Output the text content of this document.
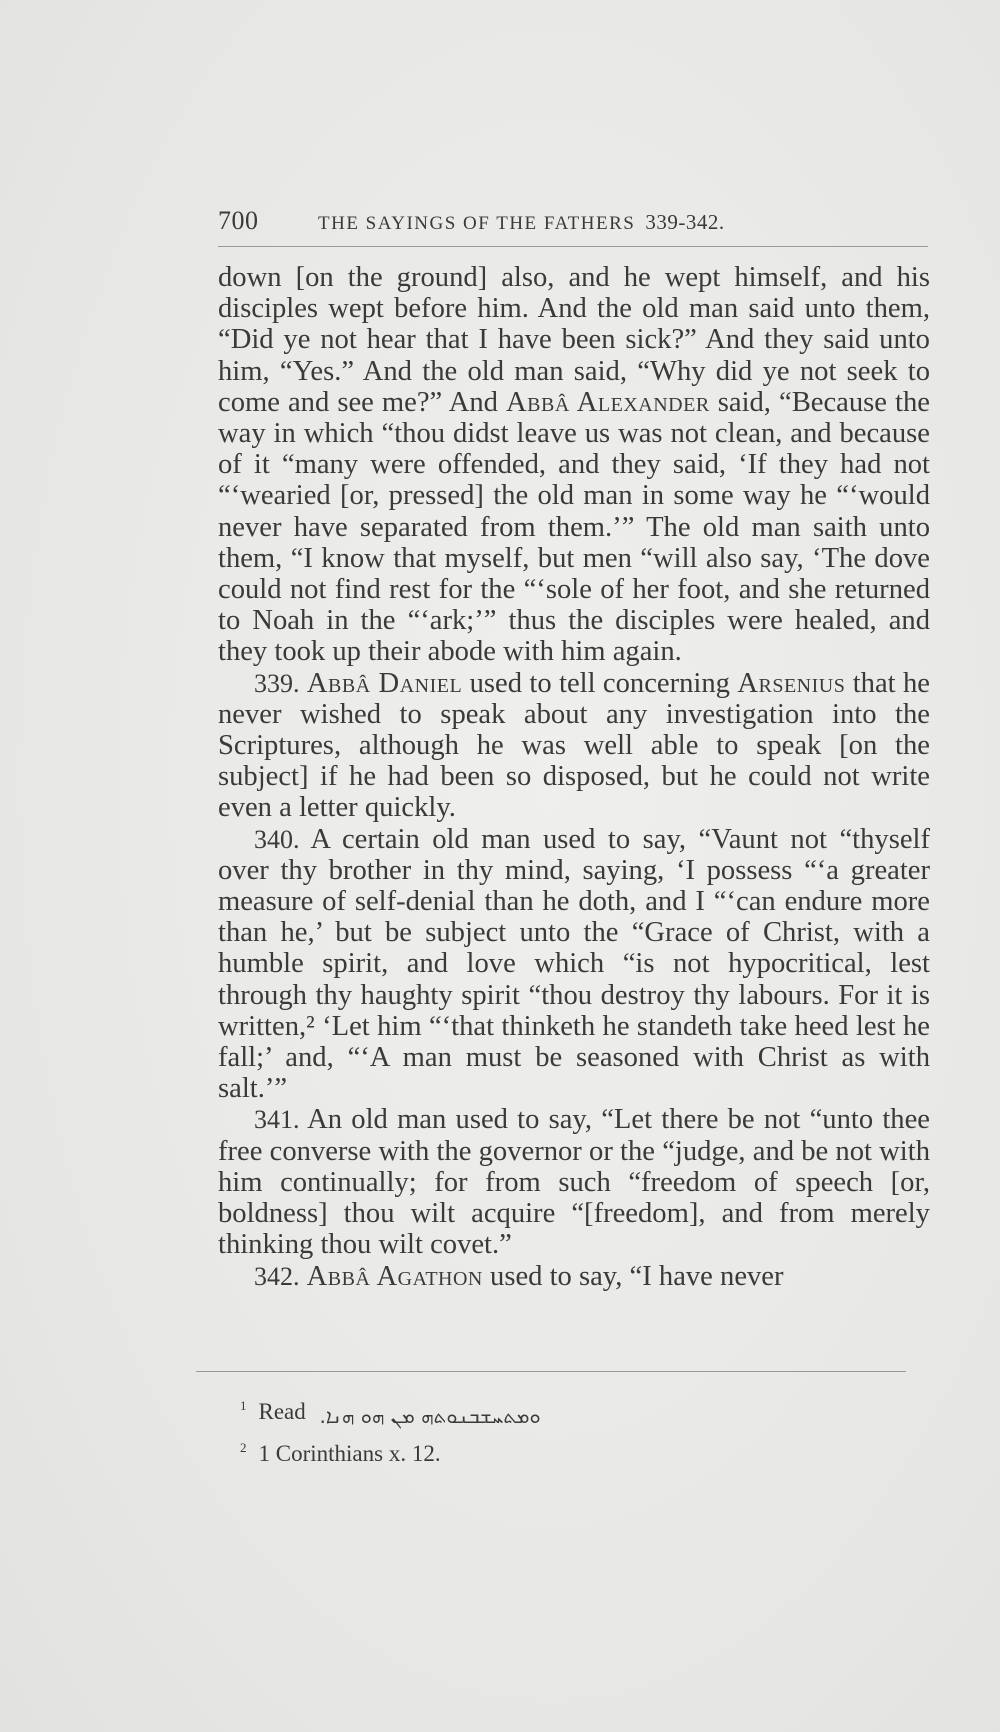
700	THE SAYINGS OF THE FATHERS 339-342.

down [on the ground] also, and he wept himself, and his disciples wept before him. And the old man said unto them, “Did ye not hear that I have been sick?” And they said unto him, “Yes.” And the old man said, “Why did ye not seek to come and see me?” And Abbâ Alexander said, “Because the way in which “thou didst leave us was not clean, and because of it “many were offended, and they said, ‘If they had not “‘wearied [or, pressed] the old man in some way he “‘would never have separated from them.’” The old man saith unto them, “I know that myself, but men “will also say, ‘The dove could not find rest for the “‘sole of her foot, and she returned to Noah in the “‘ark;’” thus the disciples were healed, and they took up their abode with him again.

339. Abbâ Daniel used to tell concerning Arsenius that he never wished to speak about any investigation into the Scriptures, although he was well able to speak [on the subject] if he had been so disposed, but he could not write even a letter quickly.

340. A certain old man used to say, “Vaunt not “thyself over thy brother in thy mind, saying, ‘I possess “‘a greater measure of self-denial than he doth, and I “‘can endure more than he,’ but be subject unto the “Grace of Christ, with a humble spirit, and love which “is not hypocritical, lest through thy haughty spirit “thou destroy thy labours. For it is written,² ‘Let him “‘that thinketh he standeth take heed lest he fall;’ and, “‘A man must be seasoned with Christ as with salt.’”

341. An old man used to say, “Let there be not “unto thee free converse with the governor or the “judge, and be not with him continually; for from such “freedom of speech [or, boldness] thou wilt acquire “[freedom], and from merely thinking thou wilt covet.”

342. Abbâ Agathon used to say, “I have never

$^1$ Read ܘܡܬܚܫܒܢܘܬܗ ܡܢ ܗܘ ܗܢܐ.
$^2$ 1 Corinthians x. 12.
